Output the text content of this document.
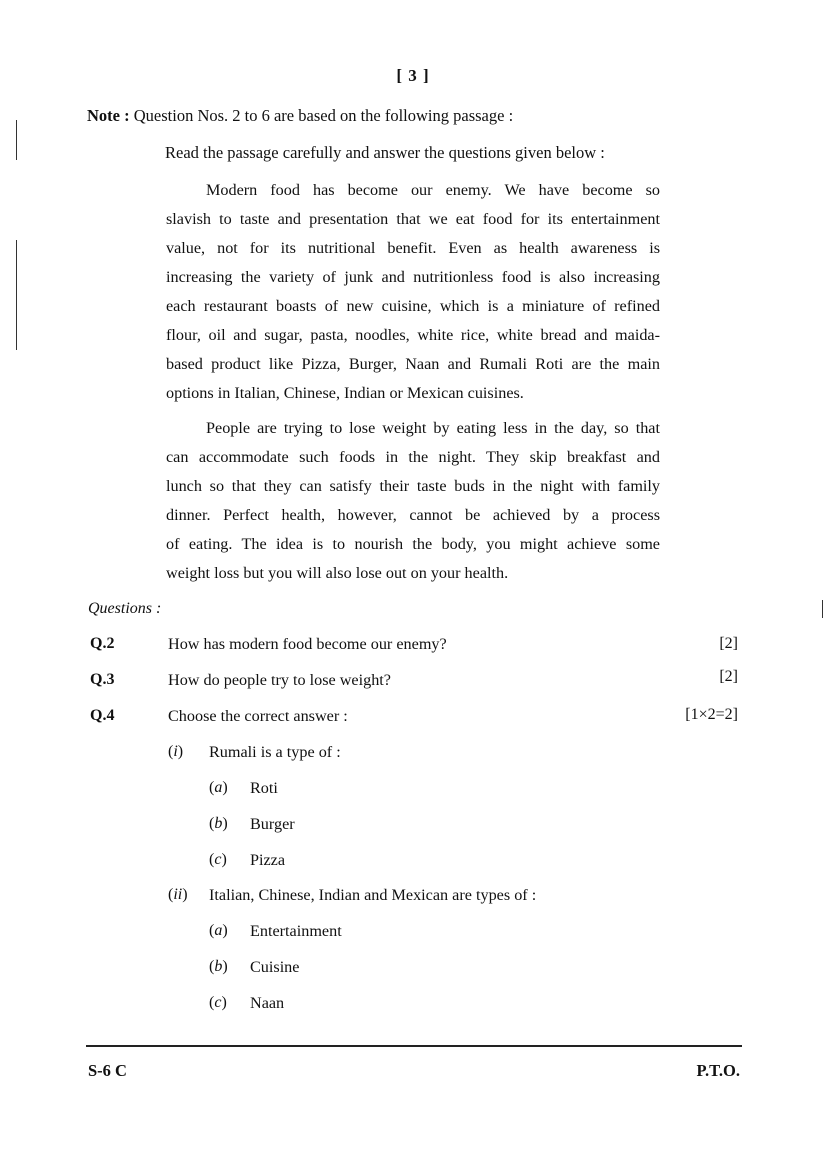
[ 3 ]
Note : Question Nos. 2 to 6 are based on the following passage :
Read the passage carefully and answer the questions given below :
Modern food has become our enemy. We have become so
slavish to taste and presentation that we eat food for its entertainment
value, not for its nutritional benefit. Even as health awareness is
increasing the variety of junk and nutritionless food is also increasing
each restaurant boasts of new cuisine, which is a miniature of refined
flour, oil and sugar, pasta, noodles, white rice, white bread and maida-
based product like Pizza, Burger, Naan and Rumali Roti are the main
options in Italian, Chinese, Indian or Mexican cuisines.
People are trying to lose weight by eating less in the day, so that
can accommodate such foods in the night. They skip breakfast and
lunch so that they can satisfy their taste buds in the night with family
dinner. Perfect health, however, cannot be achieved by a process
of eating. The idea is to nourish the body, you might achieve some
weight loss but you will also lose out on your health.
Questions :
Q.2	How has modern food become our enemy?	[2]
Q.3	How do people try to lose weight?	[2]
Q.4	Choose the correct answer :	[1×2=2]
(i) Rumali is a type of :
(a) Roti
(b) Burger
(c) Pizza
(ii) Italian, Chinese, Indian and Mexican are types of :
(a) Entertainment
(b) Cuisine
(c) Naan
S-6 C	P.T.O.
